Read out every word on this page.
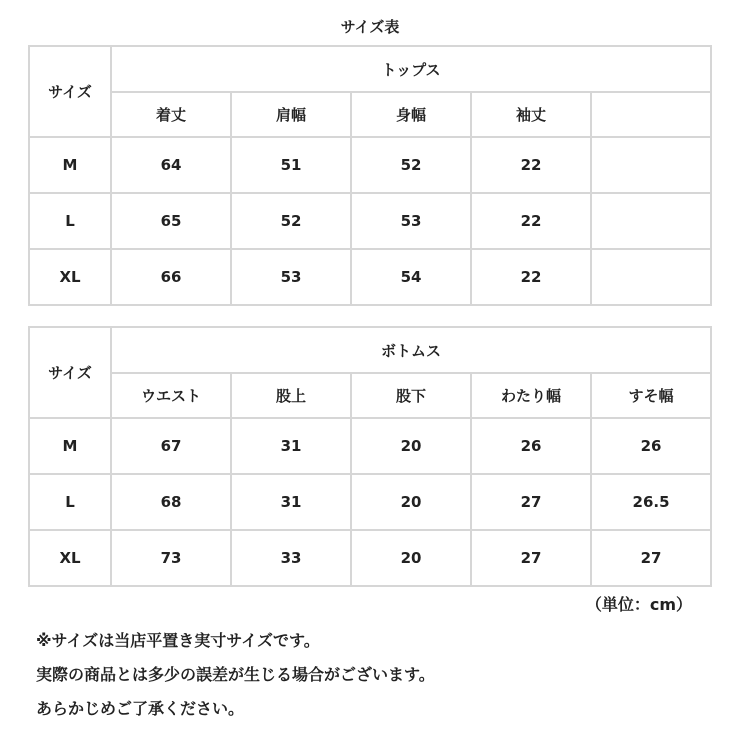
サイズ表
サイズ	トップス				
	着丈	肩幅	身幅	袖丈	
M	64	51	52	22	
L	65	52	53	22	
XL	66	53	54	22	
サイズ	ボトムス				
	ウエスト	股上	股下	わたり幅	すそ幅
M	67	31	20	26	26
L	68	31	20	27	26.5
XL	73	33	20	27	27
（単位：cm）
※サイズは当店平置き実寸サイズです。
実際の商品とは多少の誤差が生じる場合がございます。
あらかじめご了承ください。
